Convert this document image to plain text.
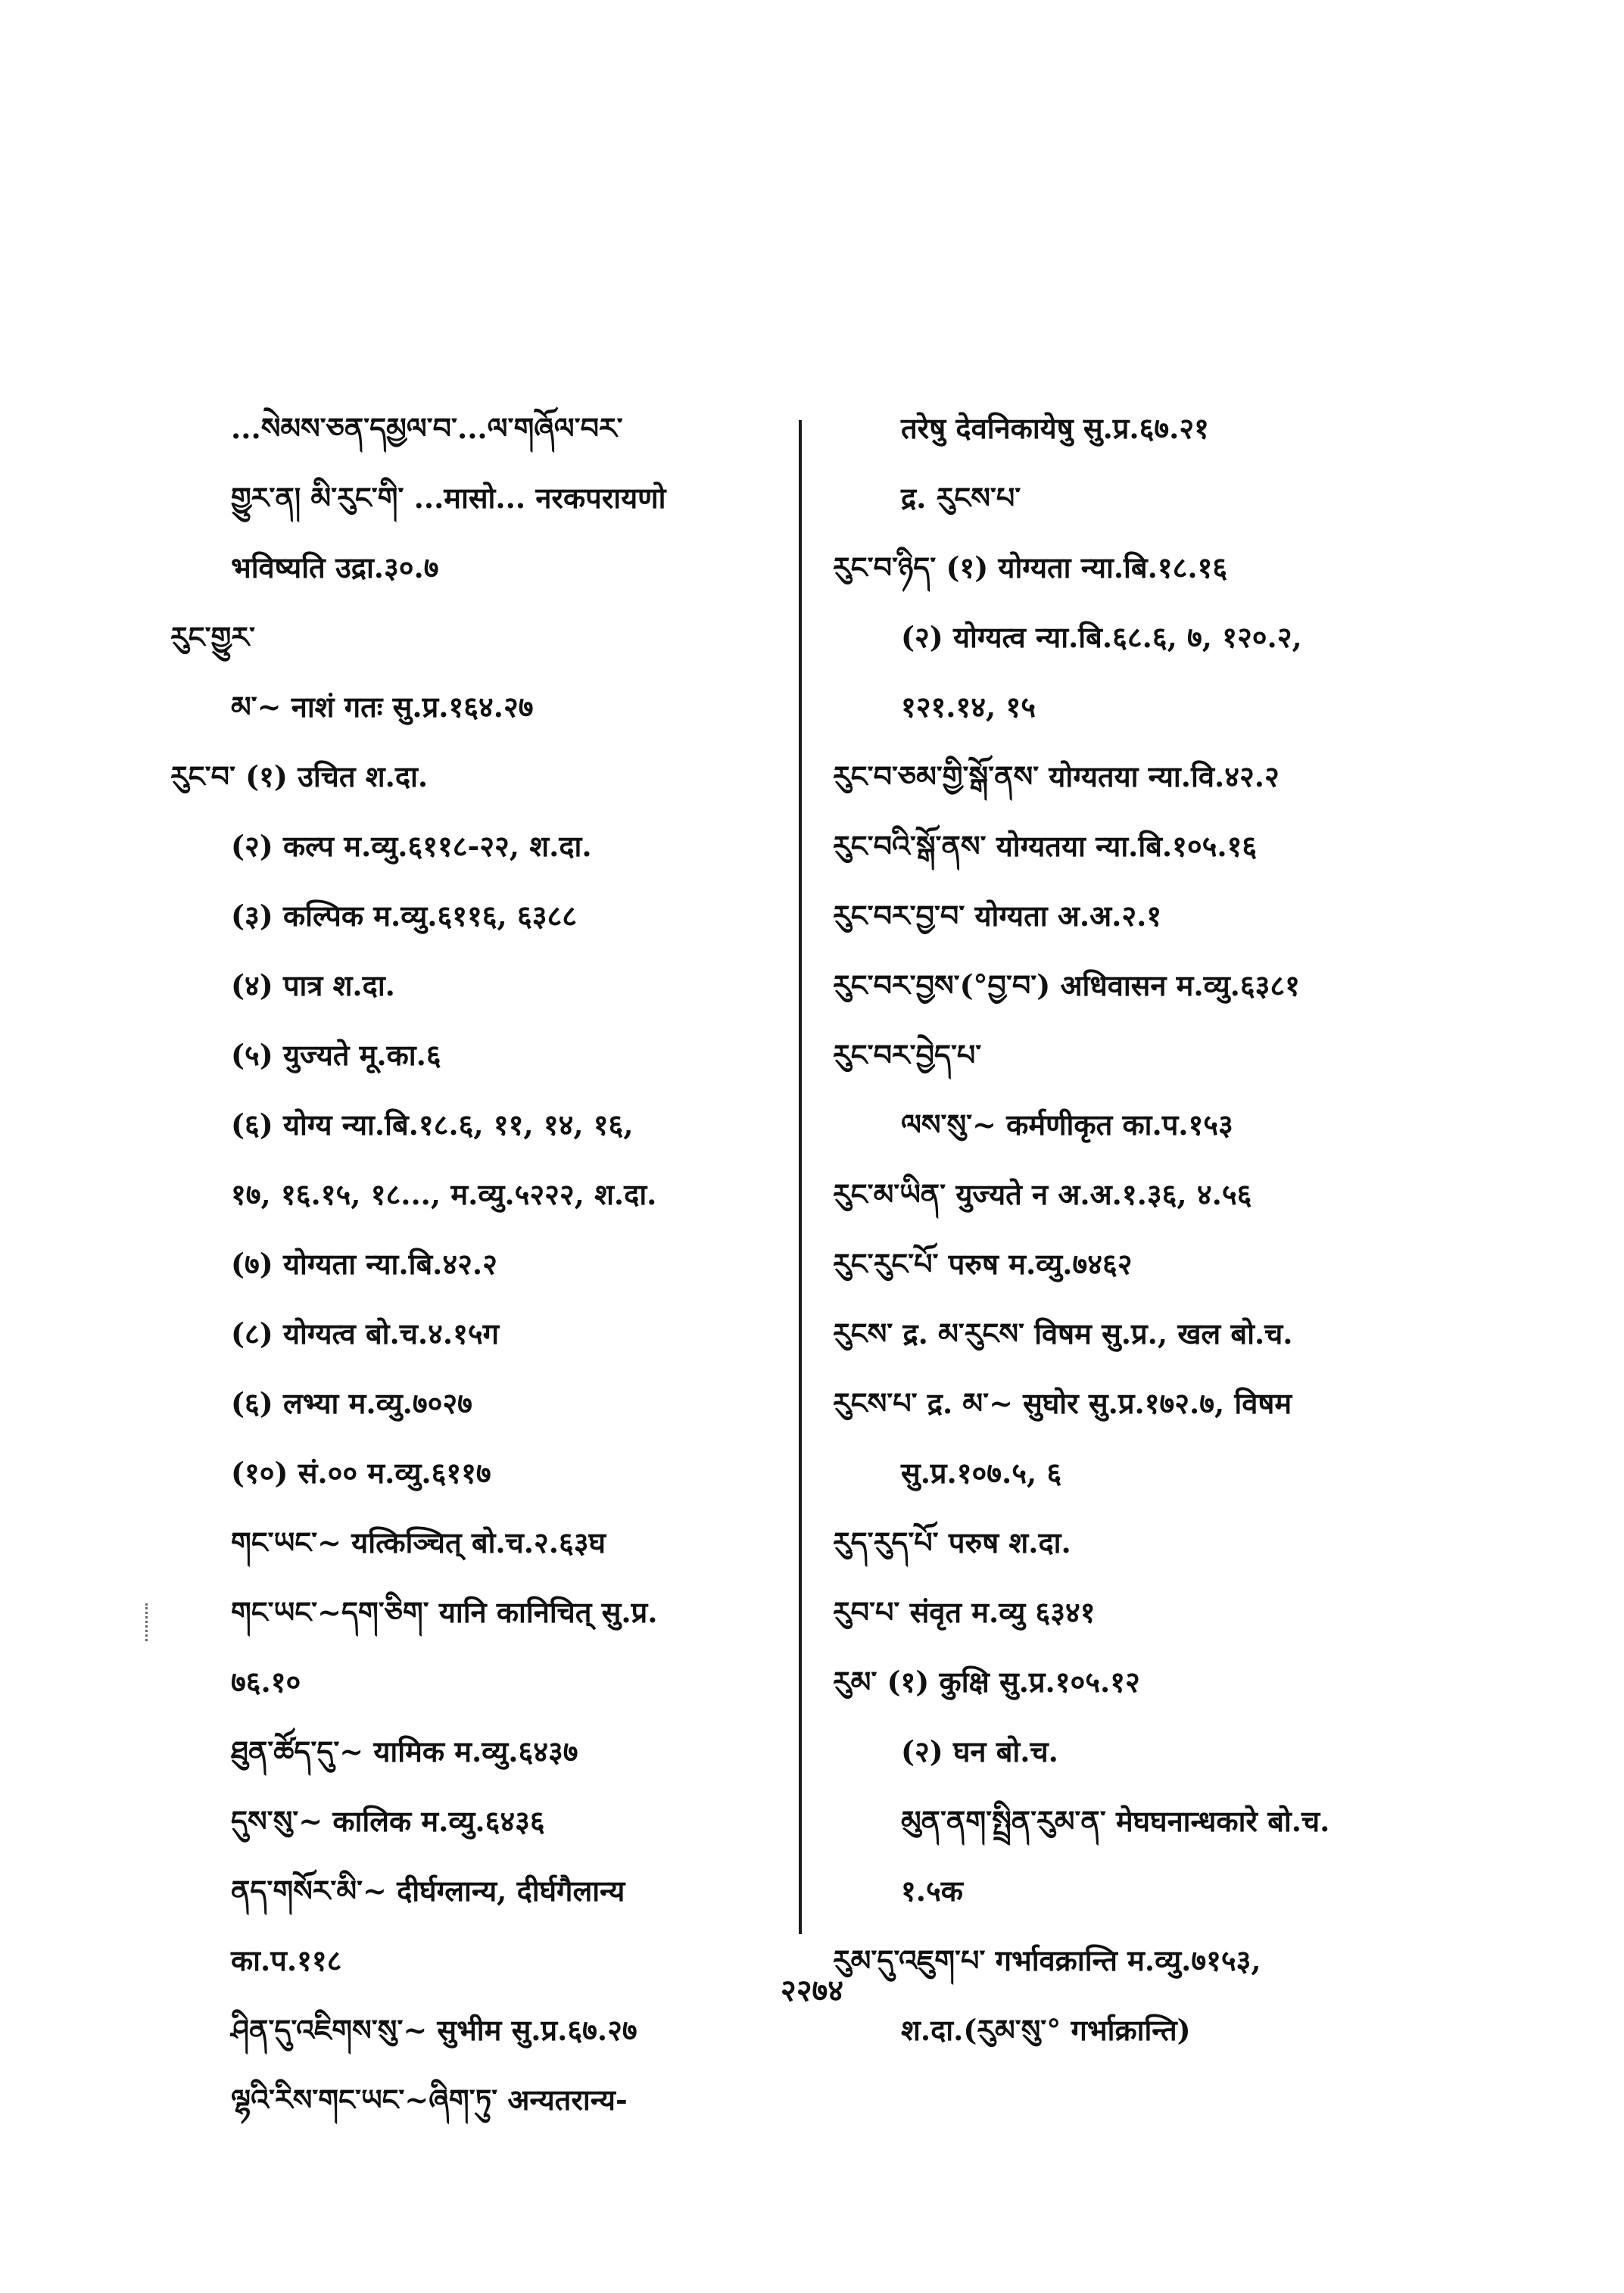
...སེམས་ཅན་དམྱལ་བ་...ལ་གཞོལ་བར་
གྱུར་ན། མི་རུང་གི་ ...मासो... नरकपरायणो
भविष्यति उद्रा.३०.७
རུང་གྱུར་
མ་~ नाशं गतः सु.प्र.१६४.२७
རུང་བ་ (१) उचित श.दा.
(२) कल्प म.व्यु.६११८-२२, श.दा.
(३) कल्पिक म.व्यु.६११६, ६३८८
(४) पात्र श.दा.
(५) युज्यते मू.का.६
(६) योग्य न्या.बि.१८.६, ११, १४, १६,
१७, १६.१५, १८..., म.व्यु.५२२२, श.दा.
(७) योग्यता न्या.बि.४२.२
(८) योग्यत्व बो.च.४.१५ग
(६) लभ्या म.व्यु.७०२७
(१०) सं.०० म.व्यु.६११७
གང་ཡང་~ यत्किञ्चित् बो.च.२.६३घ
གང་ཡང་~དག་ཅིག་ यानि कानिचित् सु.प्र.
७६.१०
ཐུན་ཚོད་དུ་~ यामिक म.व्यु.६४३७
དུས་སུ་~ कालिक म.व्यु.६४३६
ནད་གསོར་མི་~ दीर्घग्लान्य, दीर्घगैलान्य
का.प.११८
ཤིན་དུ་འཇིགས་སུ་~ सुभीम सु.प्र.६७.२७
ལྷའི་རིས་གང་ཡང་~ཞིག་ཏུ་ अन्यतरान्य-
तरेषु देवनिकायेषु सु.प्र.६७.२१
द्र. རུངས་པ་
རུང་བ་ཉིད་ (१) योग्यता न्या.बि.१८.१६
(२) योग्यत्व न्या.बि.६८.६, ७, १२०.२,
१२१.१४, १५
རུང་བ་ཅམ་གྱི་སྒོ་ནས་ योग्यतया न्या.वि.४२.२
རུང་བའི་སྒོ་ནས་ योग्यतया न्या.बि.१०५.१६
རུང་བར་བྱ་བ་ योग्यता अ.अ.२.१
རུང་བར་བྱས་(°བྱ་བ་) अधिवासन म.व्यु.६३८१
རུང་བར་བྱེད་པ་
ལས་སུ་~ कर्मणीकृत का.प.१५३
རུང་མ་ཡིན་ युज्यते न अ.अ.१.३६, ४.५६
རུང་རུང་པོ་ परुष म.व्यु.७४६२
རུངས་ द्र. མ་རུངས་ विषम सु.प्र., खल बो.च.
རུངས་པ་ द्र. མ་~ सुघोर सु.प्र.१७२.७, विषम
सु.प्र.१०७.५, ६
རུད་རུད་པོ་ परुष श.दा.
རུབ་པ་ संवृत म.व्यु ६३४१
རུམ་ (१) कुक्षि सु.प्र.१०५.१२
(२) घन बो.च.
མུན་ནག་སྤྲིན་རུམ་ན་ मेघघनान्धकारे बो.च.
१.५क
རུམ་དུ་འཇུག་པ་ गर्भावक्रान्ति म.व्यु.७१५३,
श.दा.(རུམ་སུ་° गर्भाक्रान्ति)
२२७४
